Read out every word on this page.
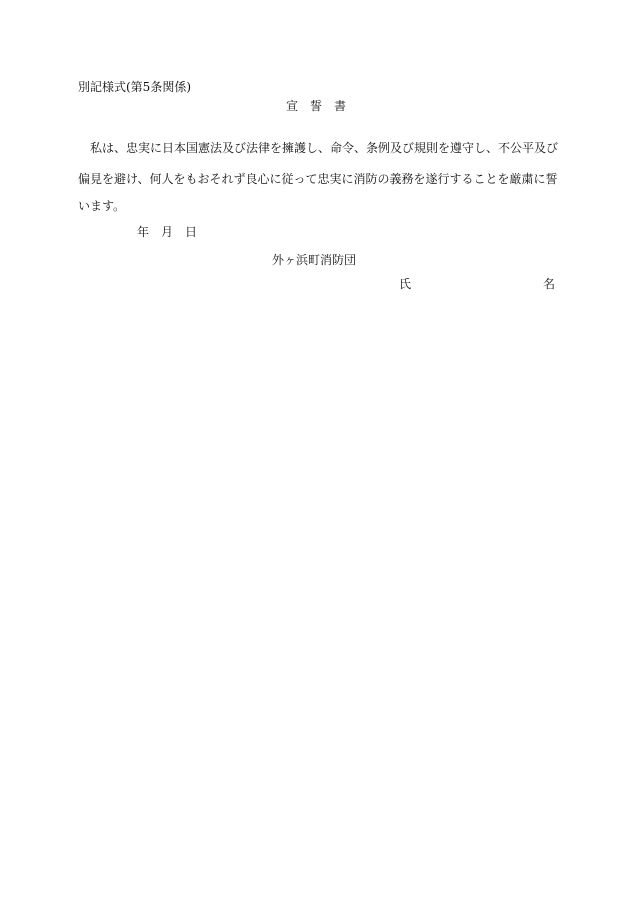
別記様式(第5条関係)
宣　誓　書
　私は、忠実に日本国憲法及び法律を擁護し、命令、条例及び規則を遵守し、不公平及び
偏見を避け、何人をもおそれず良心に従って忠実に消防の義務を遂行することを厳粛に誓
います。
年　月　日
外ヶ浜町消防団
氏　　　　　　　　　　　名
